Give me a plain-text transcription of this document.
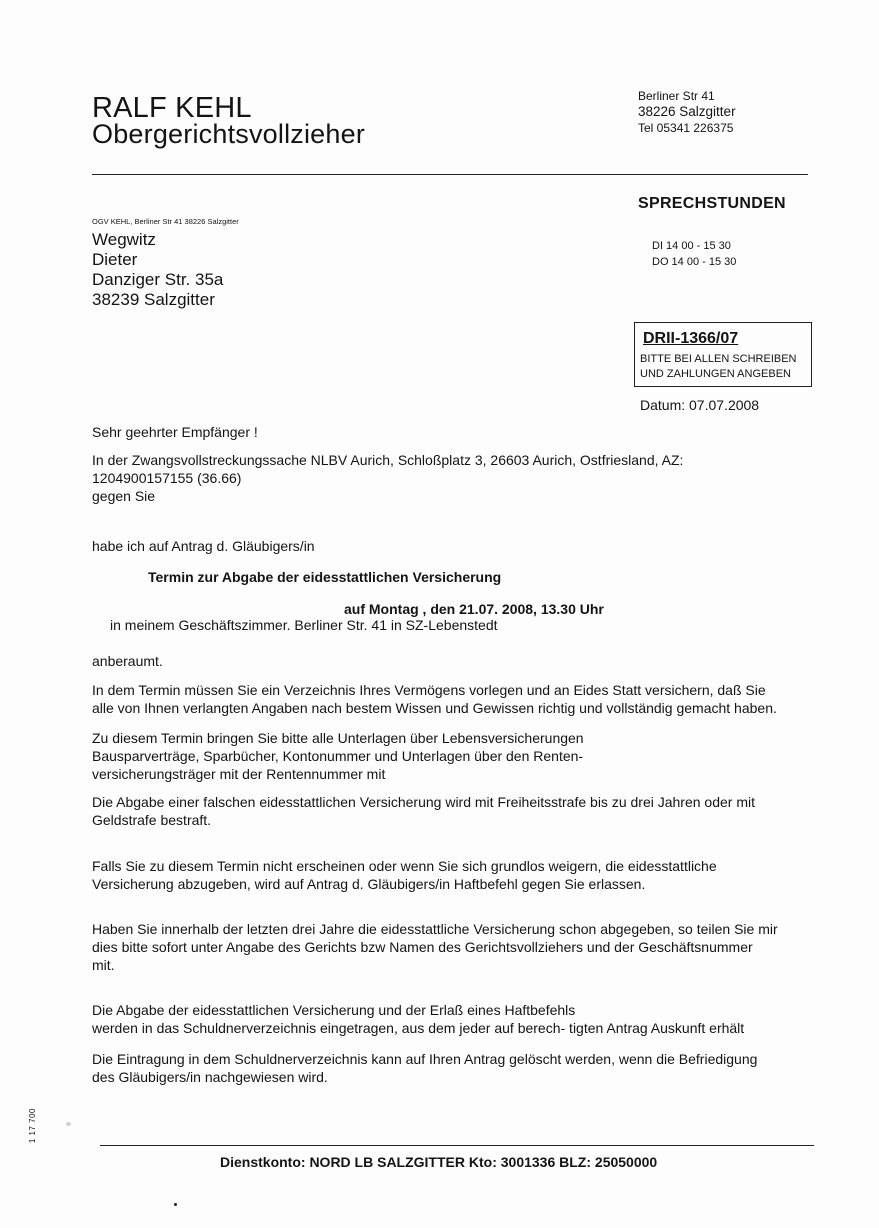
RALF KEHL
Obergerichtsvollzieher
Berliner Str 41
38226 Salzgitter
Tel 05341 226375
SPRECHSTUNDEN
DI 14 00 - 15 30
DO 14 00 - 15 30
OGV KEHL, Berliner Str 41 38226 Salzgitter
Wegwitz
Dieter
Danziger Str. 35a
38239 Salzgitter
DRII-1366/07
BITTE BEI ALLEN SCHREIBEN
UND ZAHLUNGEN ANGEBEN
Datum: 07.07.2008
Sehr geehrter Empfänger !
In der Zwangsvollstreckungssache NLBV Aurich, Schloßplatz 3, 26603 Aurich, Ostfriesland, AZ:
1204900157155 (36.66)
gegen Sie
habe ich auf Antrag d. Gläubigers/in
Termin zur Abgabe der eidesstattlichen Versicherung
auf Montag , den 21.07. 2008, 13.30 Uhr
in meinem Geschäftszimmer. Berliner Str. 41 in SZ-Lebenstedt
anberaumt.
In dem Termin müssen Sie ein Verzeichnis Ihres Vermögens vorlegen und an Eides Statt versichern, daß Sie
alle von Ihnen verlangten Angaben nach bestem Wissen und Gewissen richtig und vollständig gemacht haben.
Zu diesem Termin bringen Sie bitte alle Unterlagen über Lebensversicherungen
Bausparverträge, Sparbücher, Kontonummer und Unterlagen über den Renten-
versicherungsträger mit der Rentennummer mit
Die Abgabe einer falschen eidesstattlichen Versicherung wird mit Freiheitsstrafe bis zu drei Jahren oder mit
Geldstrafe bestraft.
Falls Sie zu diesem Termin nicht erscheinen oder wenn Sie sich grundlos weigern, die eidesstattliche
Versicherung abzugeben, wird auf Antrag d. Gläubigers/in Haftbefehl gegen Sie erlassen.
Haben Sie innerhalb der letzten drei Jahre die eidesstattliche Versicherung schon abgegeben, so teilen Sie mir
dies bitte sofort unter Angabe des Gerichts bzw Namen des Gerichtsvollziehers und der Geschäftsnummer
mit.
Die Abgabe der eidesstattlichen Versicherung und der Erlaß eines Haftbefehls
werden in das Schuldnerverzeichnis eingetragen, aus dem jeder auf berech- tigten Antrag Auskunft erhält
Die Eintragung in dem Schuldnerverzeichnis kann auf Ihren Antrag gelöscht werden, wenn die Befriedigung
des Gläubigers/in nachgewiesen wird.
1 17 700
Dienstkonto: NORD LB SALZGITTER Kto: 3001336 BLZ: 25050000
